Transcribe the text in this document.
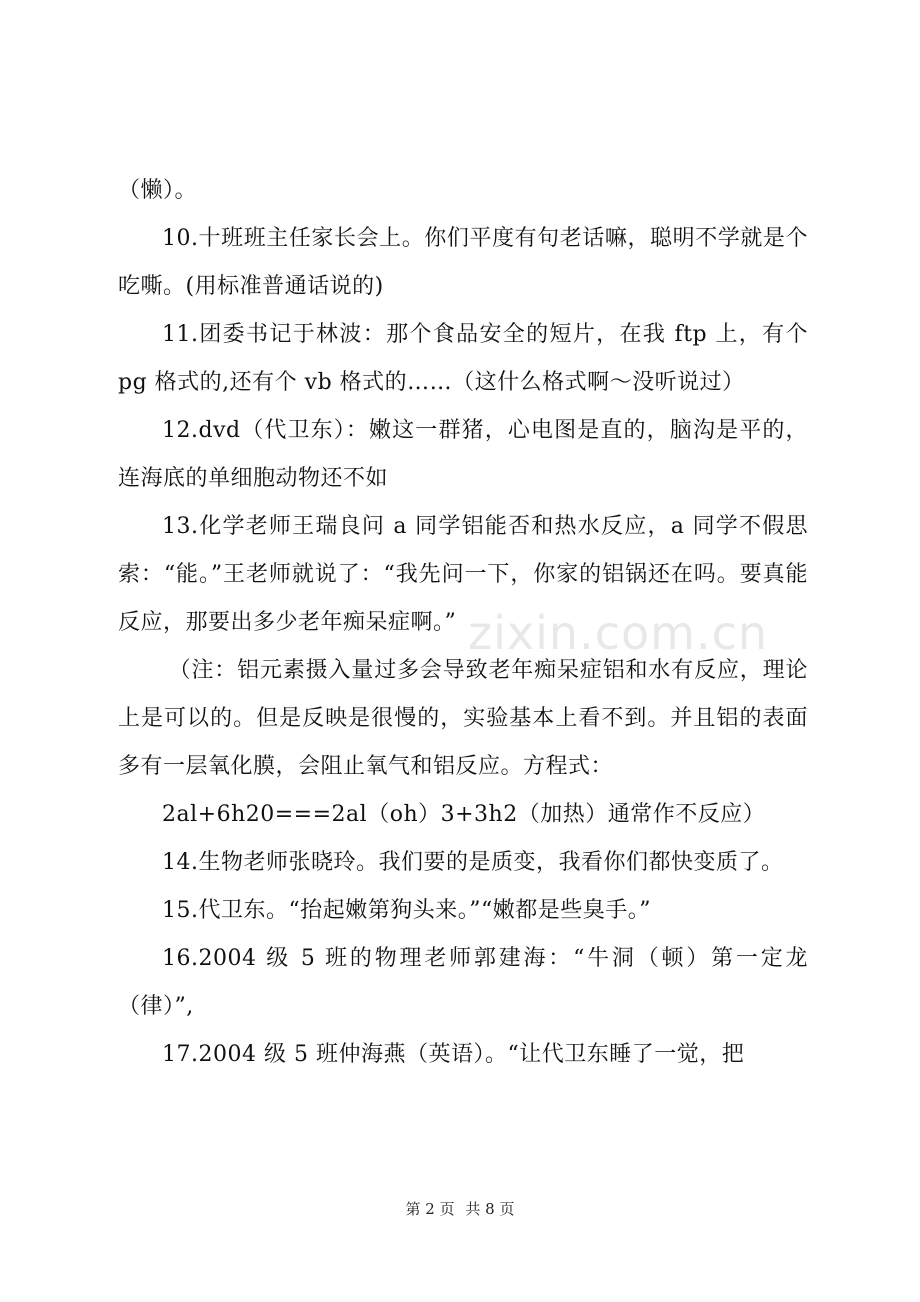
zixin.com.cn

（懒）。

10.十班班主任家长会上。你们平度有句老话嘛，聪明不学就是个吃嘶。(用标准普通话说的)

11.团委书记于林波：那个食品安全的短片，在我 ftp 上，有个 pg 格式的,还有个 vb 格式的……（这什么格式啊～没听说过）

12.dvd（代卫东）：嫩这一群猪，心电图是直的，脑沟是平的，连海底的单细胞动物还不如

13.化学老师王瑞良问 a 同学铝能否和热水反应，a 同学不假思索：“能。”王老师就说了：“我先问一下，你家的铝锅还在吗。要真能反应，那要出多少老年痴呆症啊。”

（注：铝元素摄入量过多会导致老年痴呆症铝和水有反应，理论上是可以的。但是反映是很慢的，实验基本上看不到。并且铝的表面多有一层氧化膜，会阻止氧气和铝反应。方程式：

2al+6h20===2al（oh）3+3h2（加热）通常作不反应）

14.生物老师张晓玲。我们要的是质变，我看你们都快变质了。

15.代卫东。“抬起嫩第狗头来。”“嫩都是些臭手。”

16.2004 级 5 班的物理老师郭建海：“牛洞（顿）第一定龙（律）”,

17.2004 级 5 班仲海燕（英语）。“让代卫东睡了一觉，把

第 2 页 共 8 页
